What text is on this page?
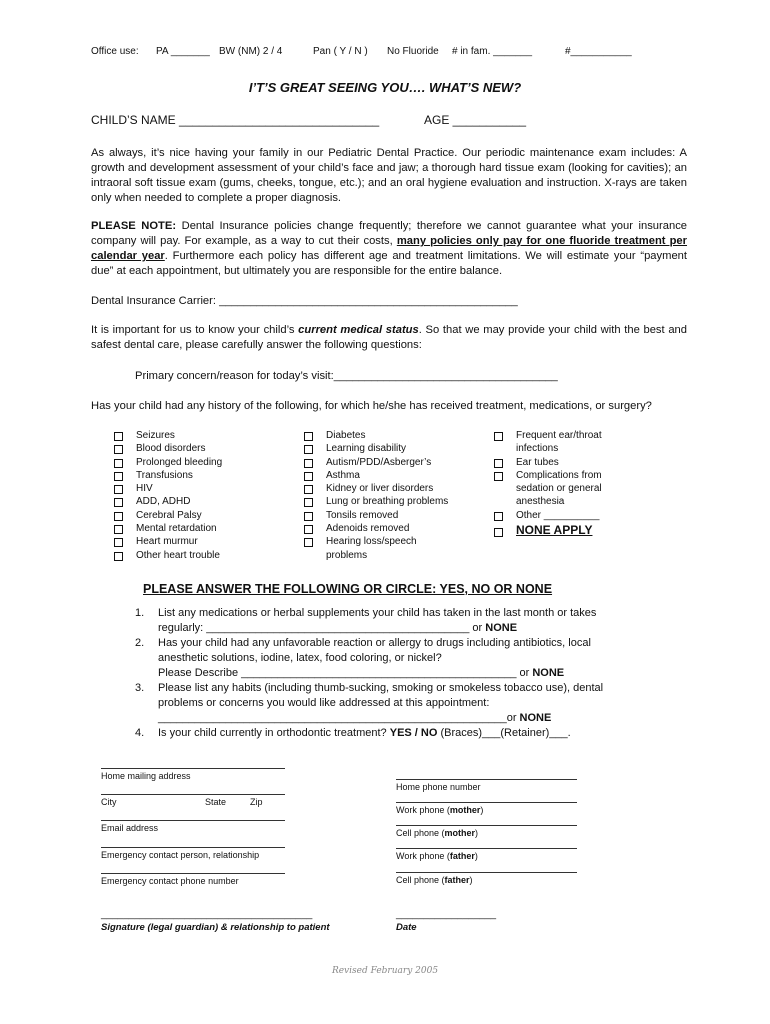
Office use: PA _______ BW (NM) 2 / 4	Pan ( Y / N ) No Fluoride # in fam. _______	#___________
I’T’S GREAT SEEING YOU…. WHAT’S NEW?
CHILD’S NAME ______________________________	AGE ___________
As always, it’s nice having your family in our Pediatric Dental Practice. Our periodic maintenance exam includes: A growth and development assessment of your child’s face and jaw; a thorough hard tissue exam (looking for cavities); an intraoral soft tissue exam (gums, cheeks, tongue, etc.); and an oral hygiene evaluation and instruction. X-rays are taken only when needed to complete a proper diagnosis.
PLEASE NOTE: Dental Insurance policies change frequently; therefore we cannot guarantee what your insurance company will pay. For example, as a way to cut their costs, many policies only pay for one fluoride treatment per calendar year. Furthermore each policy has different age and treatment limitations. We will estimate your “payment due” at each appointment, but ultimately you are responsible for the entire balance.
Dental Insurance Carrier: ________________________________________________
It is important for us to know your child’s current medical status. So that we may provide your child with the best and safest dental care, please carefully answer the following questions:
Primary concern/reason for today’s visit:____________________________________
Has your child had any history of the following, for which he/she has received treatment, medications, or surgery?
Seizures
Blood disorders
Prolonged bleeding
Transfusions
HIV
ADD, ADHD
Cerebral Palsy
Mental retardation
Heart murmur
Other heart trouble
Diabetes
Learning disability
Autism/PDD/Asberger’s
Asthma
Kidney or liver disorders
Lung or breathing problems
Tonsils removed
Adenoids removed
Hearing loss/speech
problems
Frequent ear/throat
infections
Ear tubes
Complications from
sedation or general
anesthesia
Other __________
NONE APPLY
PLEASE ANSWER THE FOLLOWING OR CIRCLE: YES, NO OR NONE
1. List any medications or herbal supplements your child has taken in the last month or takes
regularly: ___________________________________________ or NONE
2. Has your child had any unfavorable reaction or allergy to drugs including antibiotics, local
anesthetic solutions, iodine, latex, food coloring, or nickel?
Please Describe _____________________________________________ or NONE
3. Please list any habits (including thumb-sucking, smoking or smokeless tobacco use), dental
problems or concerns you would like addressed at this appointment:
_________________________________________________________or NONE
4. Is your child currently in orthodontic treatment? YES / NO (Braces)___(Retainer)___.
Home mailing address
City	State	Zip
Email address
Emergency contact person, relationship
Emergency contact phone number
Home phone number
Work phone (mother)
Cell phone (mother)
Work phone (father)
Cell phone (father)
______________________________________
Signature (legal guardian) & relationship to patient
__________________
Date
Revised February 2005
